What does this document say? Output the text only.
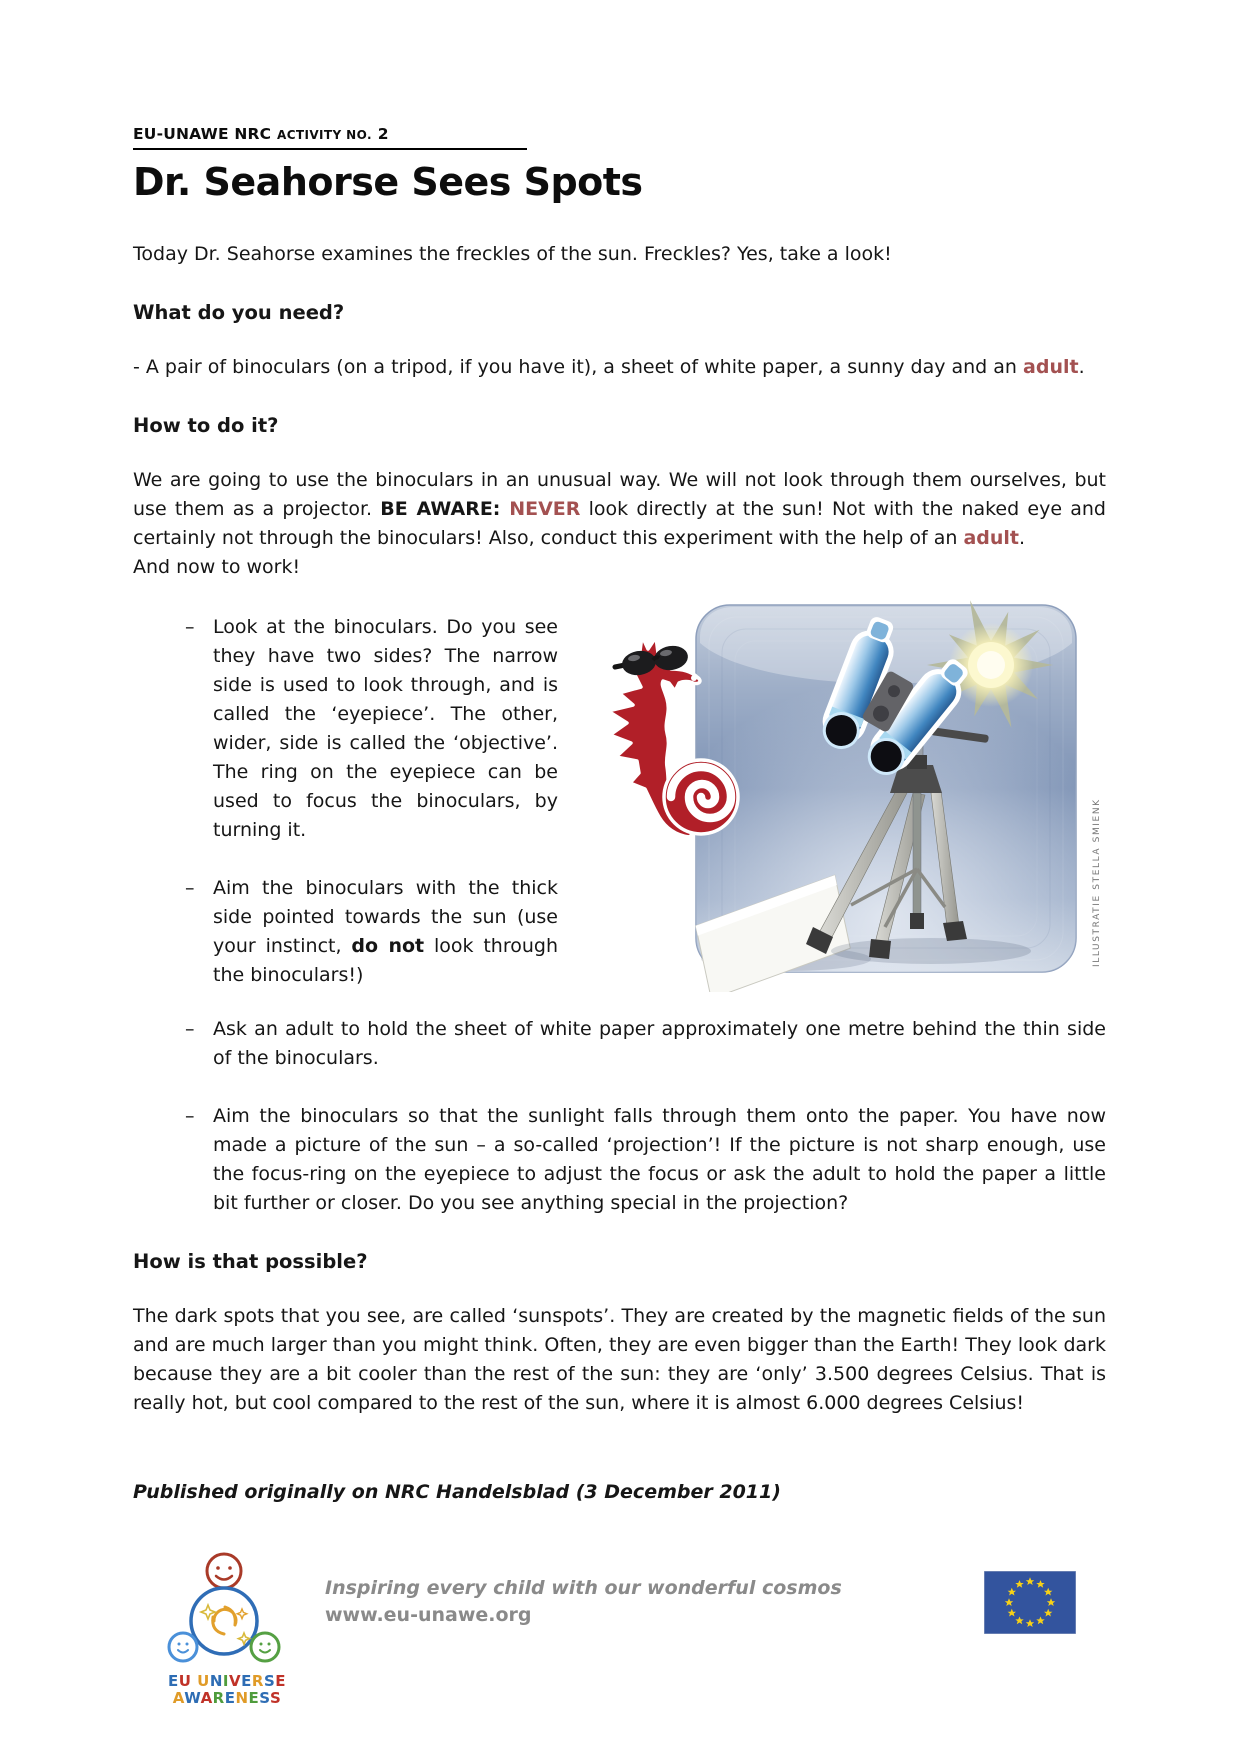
EU-UNAWE NRC ACTIVITY NO. 2
Dr. Seahorse Sees Spots

Today Dr. Seahorse examines the freckles of the sun. Freckles? Yes, take a look!

What do you need?

- A pair of binoculars (on a tripod, if you have it), a sheet of white paper, a sunny day and an adult.

How to do it?

We are going to use the binoculars in an unusual way. We will not look through them ourselves, but use them as a projector. BE AWARE: NEVER look directly at the sun! Not with the naked eye and certainly not through the binoculars! Also, conduct this experiment with the help of an adult.
And now to work!

– Look at the binoculars. Do you see they have two sides? The narrow side is used to look through, and is called the ‘eyepiece’. The other, wider, side is called the ‘objective’. The ring on the eyepiece can be used to focus the binoculars, by turning it.
– Aim the binoculars with the thick side pointed towards the sun (use your instinct, do not look through the binoculars!)
ILLUSTRATIE STELLA SMIENK
– Ask an adult to hold the sheet of white paper approximately one metre behind the thin side of the binoculars.
– Aim the binoculars so that the sunlight falls through them onto the paper. You have now made a picture of the sun – a so-called ‘projection’! If the picture is not sharp enough, use the focus-ring on the eyepiece to adjust the focus or ask the adult to hold the paper a little bit further or closer. Do you see anything special in the projection?
How is that possible?

The dark spots that you see, are called ‘sunspots’. They are created by the magnetic fields of the sun and are much larger than you might think. Often, they are even bigger than the Earth! They look dark because they are a bit cooler than the rest of the sun: they are ‘only’ 3.500 degrees Celsius. That is really hot, but cool compared to the rest of the sun, where it is almost 6.000 degrees Celsius!

Published originally on NRC Handelsblad (3 December 2011)

EU UNIVERSE
AWARENESS
Inspiring every child with our wonderful cosmos
www.eu-unawe.org
